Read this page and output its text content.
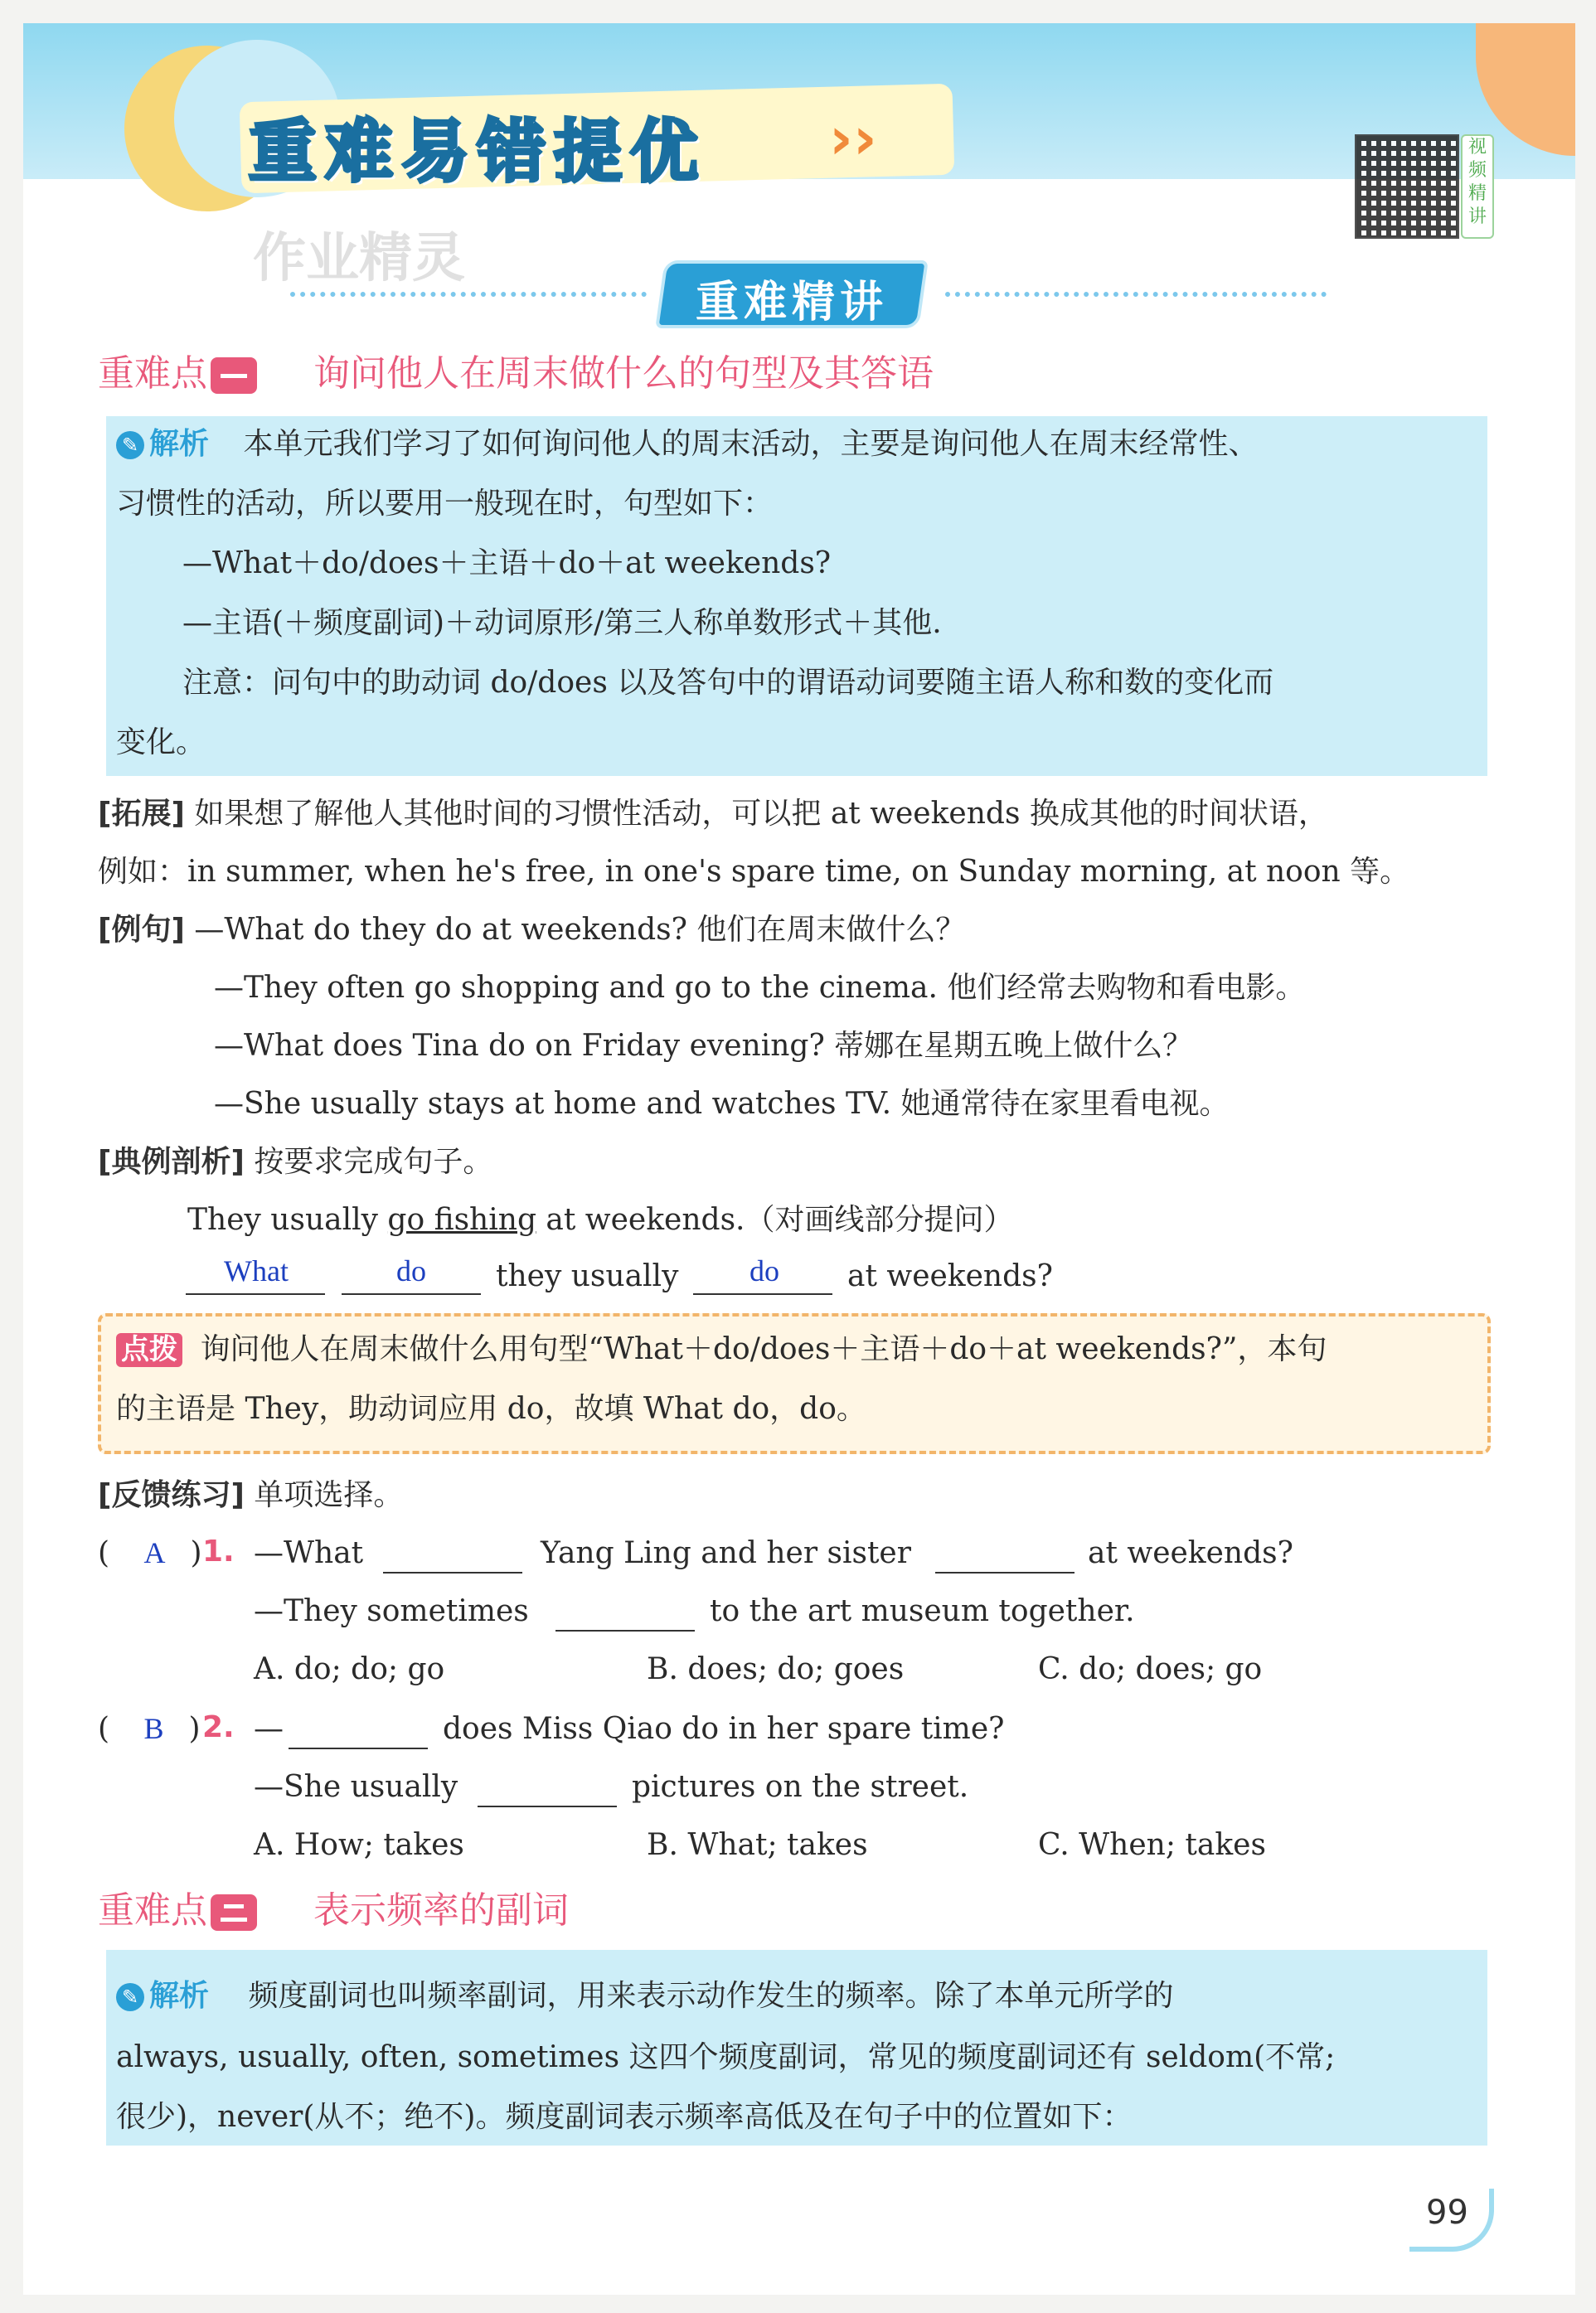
重难易错提优 ››	视频精讲
作业精灵
重难精讲
重难点	询问他人在周末做什么的句型及其答语
✎ 解析 本单元我们学习了如何询问他人的周末活动，主要是询问他人在周末经常性、
习惯性的活动，所以要用一般现在时，句型如下：
—What＋do/does＋主语＋do＋at weekends?
—主语(＋频度副词)＋动词原形/第三人称单数形式＋其他.
注意：问句中的助动词 do/does 以及答句中的谓语动词要随主语人称和数的变化而
变化。
[拓展] 如果想了解他人其他时间的习惯性活动，可以把 at weekends 换成其他的时间状语，
例如：in summer, when he's free, in one's spare time, on Sunday morning, at noon 等。
[例句] —What do they do at weekends? 他们在周末做什么？
—They often go shopping and go to the cinema. 他们经常去购物和看电影。
—What does Tina do on Friday evening? 蒂娜在星期五晚上做什么？
—She usually stays at home and watches TV. 她通常待在家里看电视。
[典例剖析] 按要求完成句子。
They usually go fishing at weekends.（对画线部分提问）
What	do they usually do at weekends?
点拨 询问他人在周末做什么用句型“What＋do/does＋主语＋do＋at weekends?”，本句
的主语是 They，助动词应用 do，故填 What do，do。
[反馈练习] 单项选择。
( A ) 1. —What	Yang Ling and her sister	at weekends?
—They sometimes	to the art museum together.
A. do; do; go	B. does; do; goes	C. do; does; go
( B ) 2. —	does Miss Qiao do in her spare time?
—She usually	pictures on the street.
A. How; takes	B. What; takes	C. When; takes
重难点	表示频率的副词
✎ 解析 频度副词也叫频率副词，用来表示动作发生的频率。除了本单元所学的
always, usually, often, sometimes 这四个频度副词，常见的频度副词还有 seldom(不常;
很少)，never(从不；绝不)。频度副词表示频率高低及在句子中的位置如下：
99
